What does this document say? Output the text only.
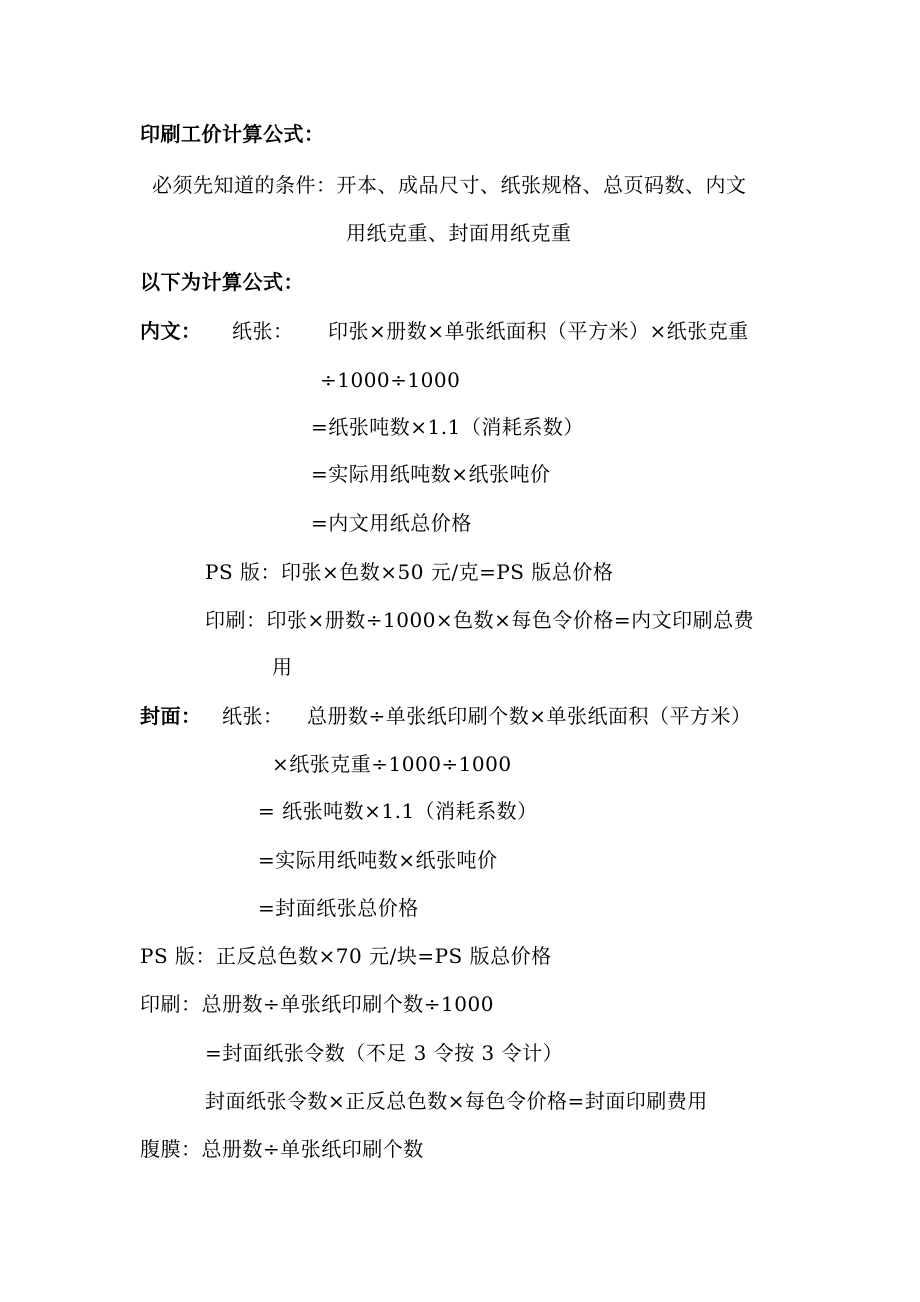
印刷工价计算公式：
必须先知道的条件：开本、成品尺寸、纸张规格、总页码数、内文
用纸克重、封面用纸克重
以下为计算公式：
内文： 纸张： 印张×册数×单张纸面积（平方米）×纸张克重
÷1000÷1000
=纸张吨数×1.1（消耗系数）
=实际用纸吨数×纸张吨价
=内文用纸总价格
PS 版：印张×色数×50 元/克=PS 版总价格
印刷：印张×册数÷1000×色数×每色令价格=内文印刷总费
用
封面： 纸张： 总册数÷单张纸印刷个数×单张纸面积（平方米）
×纸张克重÷1000÷1000
= 纸张吨数×1.1（消耗系数）
=实际用纸吨数×纸张吨价
=封面纸张总价格
PS 版：正反总色数×70 元/块=PS 版总价格
印刷：总册数÷单张纸印刷个数÷1000
=封面纸张令数（不足 3 令按 3 令计）
封面纸张令数×正反总色数×每色令价格=封面印刷费用
腹膜：总册数÷单张纸印刷个数
